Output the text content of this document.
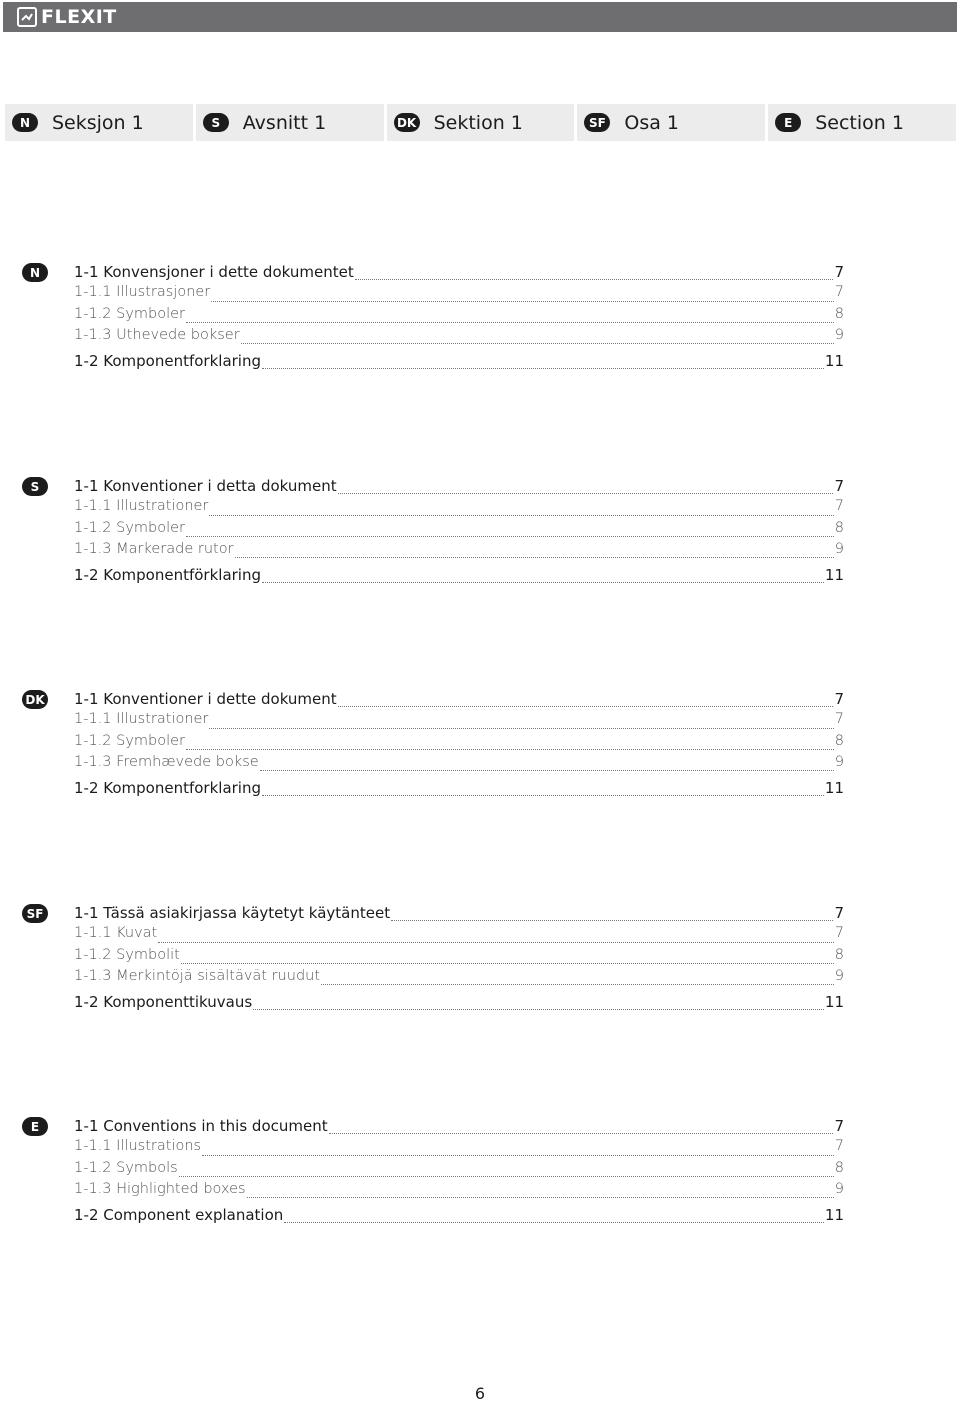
FLEXIT
N	Seksjon 1	S	Avsnitt 1	DK Sektion 1	SF Osa 1	E	Section 1
N	1-1 Konvensjoner i dette dokumentet	7
1-1.1 Illustrasjoner	7
1-1.2 Symboler	8
1-1.3 Uthevede bokser	9
1-2 Komponentforklaring	11
S	1-1 Konventioner i detta dokument	7
1-1.1 Illustrationer	7
1-1.2 Symboler	8
1-1.3 Markerade rutor	9
1-2 Komponentförklaring	11
DK 1-1 Konventioner i dette dokument	7
1-1.1 Illustrationer	7
1-1.2 Symboler	8
1-1.3 Fremhævede bokse	9
1-2 Komponentforklaring	11
SF	1-1 Tässä asiakirjassa käytetyt käytänteet	7
1-1.1 Kuvat	7
1-1.2 Symbolit	8
1-1.3 Merkintöjä sisältävät ruudut	9
1-2 Komponenttikuvaus	11
E	1-1 Conventions in this document	7
1-1.1 Illustrations	7
1-1.2 Symbols	8
1-1.3 Highlighted boxes	9
1-2 Component explanation	11
6
